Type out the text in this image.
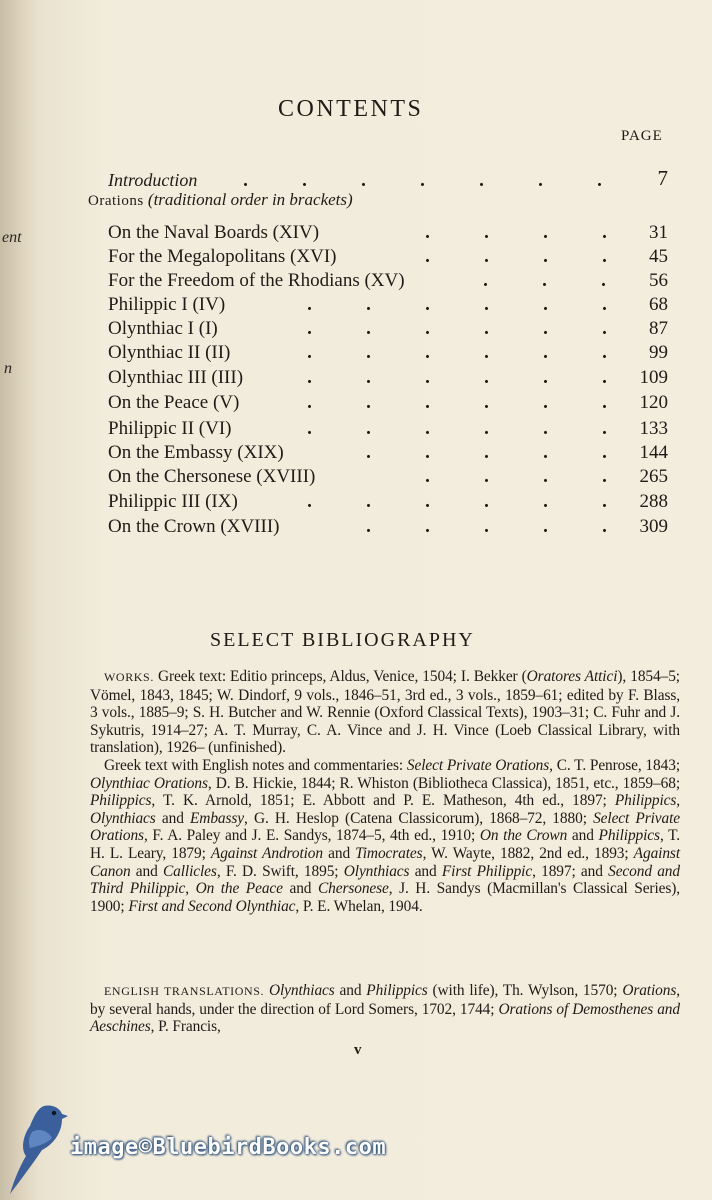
ent
n
CONTENTS
PAGE
Introduction	.	.	.	.	.	.	.	7
Orations (traditional order in brackets)
On the Naval Boards (XIV)	.	.	.	.	31
For the Megalopolitans (XVI)	.	.	.	.	45
For the Freedom of the Rhodians (XV)	.	.	.	56
Philippic I (IV)	.	.	.	.	.	.	68
Olynthiac I (I)	.	.	.	.	.	.	87
Olynthiac II (II)	.	.	.	.	.	.	99
Olynthiac III (III)	.	.	.	.	.	.	109
On the Peace (V)	.	.	.	.	.	.	120
Philippic II (VI)	.	.	.	.	.	.	133
On the Embassy (XIX)	.	.	.	.	.	144
On the Chersonese (XVIII)	.	.	.	.	265
Philippic III (IX)	.	.	.	.	.	.	288
On the Crown (XVIII)	.	.	.	.	.	309
SELECT BIBLIOGRAPHY

WORKS. Greek text: Editio princeps, Aldus, Venice, 1504; I. Bekker (Oratores Attici), 1854–5; Vömel, 1843, 1845; W. Dindorf, 9 vols., 1846–51, 3rd ed., 3 vols., 1859–61; edited by F. Blass, 3 vols., 1885–9; S. H. Butcher and W. Rennie (Oxford Classical Texts), 1903–31; C. Fuhr and J. Sykutris, 1914–27; A. T. Murray, C. A. Vince and J. H. Vince (Loeb Classical Library, with translation), 1926– (unfinished).

Greek text with English notes and commentaries: Select Private Orations, C. T. Penrose, 1843; Olynthiac Orations, D. B. Hickie, 1844; R. Whiston (Bibliotheca Classica), 1851, etc., 1859–68; Philippics, T. K. Arnold, 1851; E. Abbott and P. E. Matheson, 4th ed., 1897; Philippics, Olynthiacs and Embassy, G. H. Heslop (Catena Classicorum), 1868–72, 1880; Select Private Orations, F. A. Paley and J. E. Sandys, 1874–5, 4th ed., 1910; On the Crown and Philippics, T. H. L. Leary, 1879; Against Androtion and Timocrates, W. Wayte, 1882, 2nd ed., 1893; Against Canon and Callicles, F. D. Swift, 1895; Olynthiacs and First Philippic, 1897; and Second and Third Philippic, On the Peace and Chersonese, J. H. Sandys (Macmillan's Classical Series), 1900; First and Second Olynthiac, P. E. Whelan, 1904.

ENGLISH TRANSLATIONS. Olynthiacs and Philippics (with life), Th. Wylson, 1570; Orations, by several hands, under the direction of Lord Somers, 1702, 1744; Orations of Demosthenes and Aeschines, P. Francis,

v
image©BluebirdBooks.com
